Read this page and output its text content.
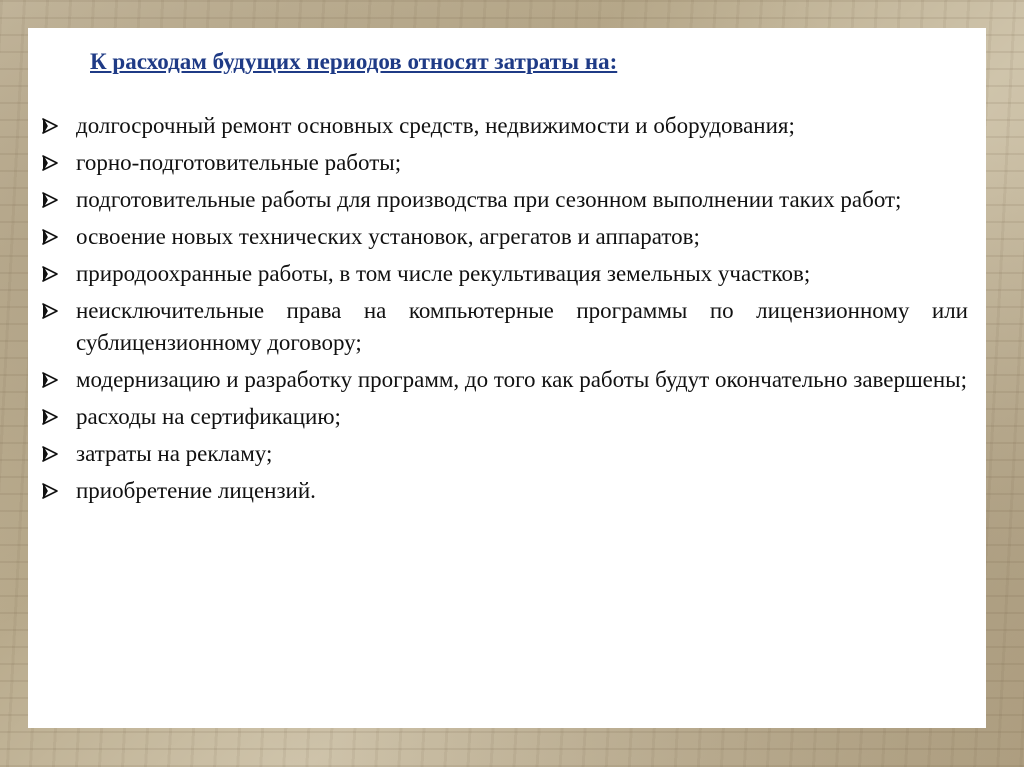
К расходам будущих периодов относят затраты на:
долгосрочный ремонт основных средств, недвижимости и оборудования;
горно-подготовительные работы;
подготовительные работы для производства при сезонном выполнении таких работ;
освоение новых технических установок, агрегатов и аппаратов;
природоохранные работы, в том числе рекультивация земельных участков;
неисключительные права на компьютерные программы по лицензионному или сублицензионному договору;
модернизацию и разработку программ, до того как работы будут окончательно завершены;
расходы на сертификацию;
затраты на рекламу;
приобретение лицензий.
